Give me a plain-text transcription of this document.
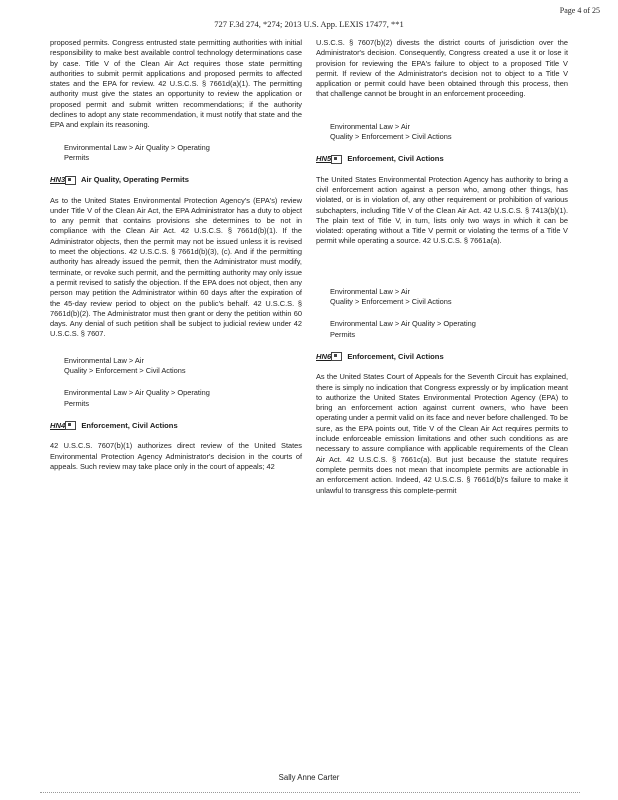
Page 4 of 25
727 F.3d 274, *274; 2013 U.S. App. LEXIS 17477, **1

proposed permits. Congress entrusted state permitting authorities with initial responsibility to make best available control technology determinations case by case. Title V of the Clean Air Act requires those state permitting authorities to submit permit applications and proposed permits to affected states and the EPA for review. 42 U.S.C.S. § 7661d(a)(1). The permitting authority must give the states an opportunity to review the application or proposed permit and submit written recommendations; if the authority declines to adopt any state recommendation, it must notify that state and the EPA and explain its reasoning.

Environmental Law > Air Quality > Operating
Permits
HN3 Air Quality, Operating Permits

As to the United States Environmental Protection Agency's (EPA's) review under Title V of the Clean Air Act, the EPA Administrator has a duty to object to any permit that contains provisions she determines to be not in compliance with the Clean Air Act. 42 U.S.C.S. § 7661d(b)(1). If the Administrator objects, then the permit may not be issued unless it is revised to meet the objections. 42 U.S.C.S. § 7661d(b)(3), (c). And if the permitting authority has already issued the permit, then the Administrator must modify, terminate, or revoke such permit, and the permitting authority may only issue a permit revised to satisfy the objection. If the EPA does not object, then any person may petition the Administrator within 60 days after the expiration of the 45-day review period to object on the public's behalf. 42 U.S.C.S. § 7661d(b)(2). The Administrator must then grant or deny the petition within 60 days. Any denial of such petition shall be subject to judicial review under 42 U.S.C.S. § 7607.

Environmental Law > Air
Quality > Enforcement > Civil Actions
Environmental Law > Air Quality > Operating
Permits
HN4 Enforcement, Civil Actions

42 U.S.C.S. 7607(b)(1) authorizes direct review of the United States Environmental Protection Agency Administrator's decision in the courts of appeals. Such review may take place only in the court of appeals; 42

U.S.C.S. § 7607(b)(2) divests the district courts of jurisdiction over the Administrator's decision. Consequently, Congress created a use it or lose it provision for reviewing the EPA's failure to object to a proposed Title V permit. If review of the Administrator's decision not to object to a Title V application or permit could have been obtained through this process, then that challenge cannot be brought in an enforcement proceeding.

Environmental Law > Air
Quality > Enforcement > Civil Actions
HN5 Enforcement, Civil Actions

The United States Environmental Protection Agency has authority to bring a civil enforcement action against a person who, among other things, has violated, or is in violation of, any other requirement or prohibition of various subchapters, including Title V of the Clean Air Act. 42 U.S.C.S. § 7413(b)(1). The plain text of Title V, in turn, lists only two ways in which it can be violated: operating without a Title V permit or violating the terms of a Title V permit while operating a source. 42 U.S.C.S. § 7661a(a).

Environmental Law > Air
Quality > Enforcement > Civil Actions
Environmental Law > Air Quality > Operating
Permits
HN6 Enforcement, Civil Actions

As the United States Court of Appeals for the Seventh Circuit has explained, there is simply no indication that Congress expressly or by implication meant to authorize the United States Environmental Protection Agency (EPA) to bring an enforcement action against current owners, who have been operating under a permit valid on its face and never before challenged. To be sure, as the EPA points out, Title V of the Clean Air Act requires permits to include enforceable emission limitations and other such conditions as are necessary to assure compliance with applicable requirements of the Clean Air Act. 42 U.S.C.S. § 7661c(a). But just because the statute requires complete permits does not mean that incomplete permits are actionable in an enforcement action. Indeed, 42 U.S.C.S. § 7661d(b)'s failure to make it unlawful to transgress this complete-permit

Sally Anne Carter
